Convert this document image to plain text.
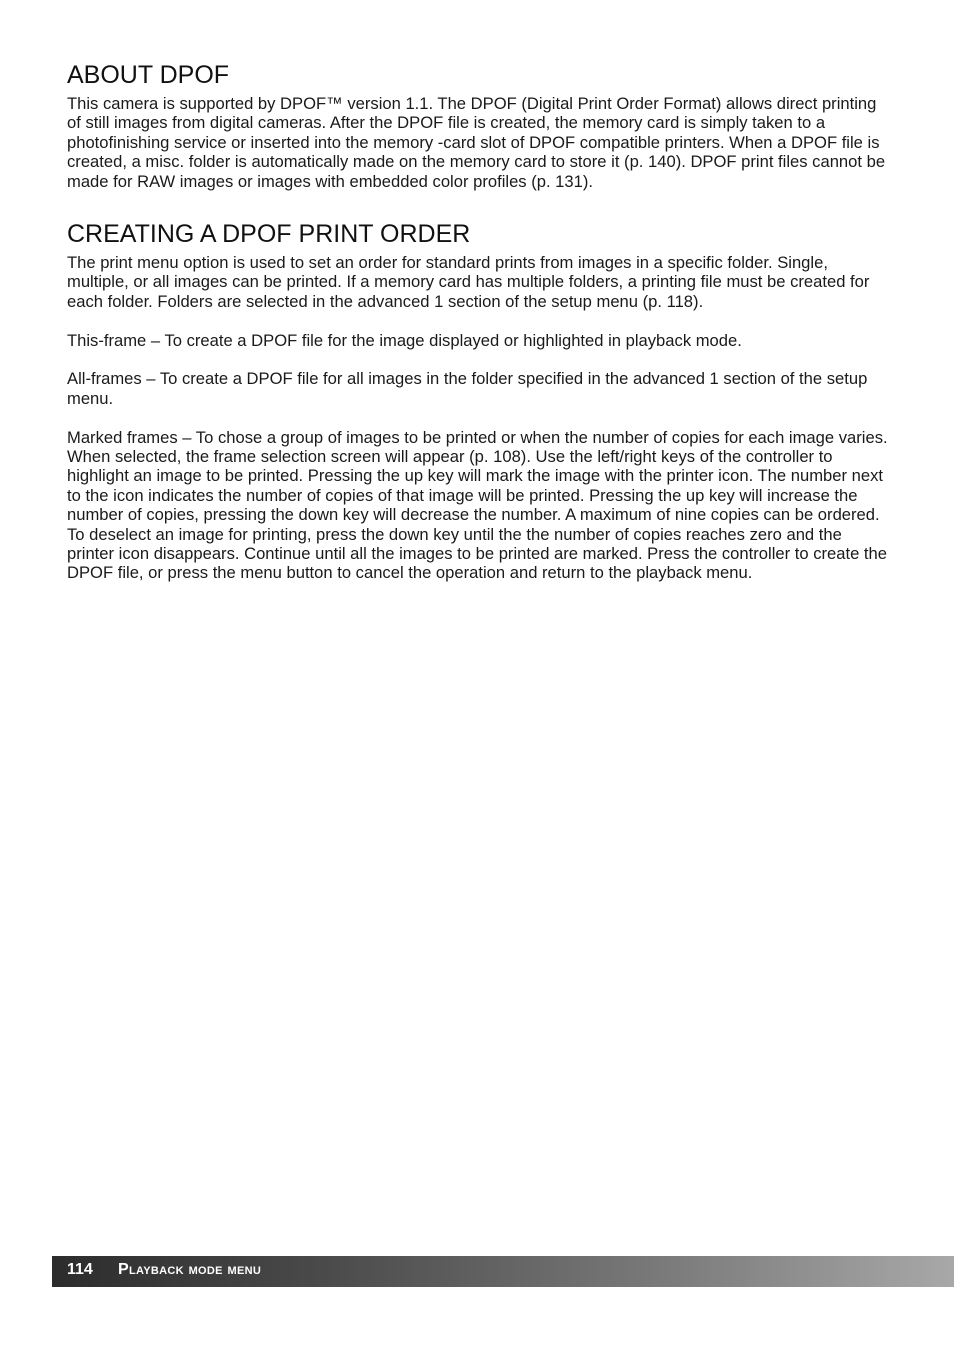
ABOUT DPOF

This camera is supported by DPOF™ version 1.1. The DPOF (Digital Print Order Format) allows direct printing of still images from digital cameras. After the DPOF file is created, the memory card is simply taken to a photofinishing service or inserted into the memory -card slot of DPOF compatible printers. When a DPOF file is created, a misc. folder is automatically made on the memory card to store it (p. 140). DPOF print files cannot be made for RAW images or images with embedded color profiles (p. 131).

CREATING A DPOF PRINT ORDER

The print menu option is used to set an order for standard prints from images in a specific folder. Single, multiple, or all images can be printed. If a memory card has multiple folders, a printing file must be created for each folder. Folders are selected in the advanced 1 section of the setup menu (p. 118).

This-frame – To create a DPOF file for the image displayed or highlighted in playback mode.

All-frames – To create a DPOF file for all images in the folder specified in the advanced 1 section of the setup menu.

Marked frames – To chose a group of images to be printed or when the number of copies for each image varies. When selected, the frame selection screen will appear (p. 108). Use the left/right keys of the controller to highlight an image to be printed. Pressing the up key will mark the image with the printer icon. The number next to the icon indicates the number of copies of that image will be printed. Pressing the up key will increase the number of copies, pressing the down key will decrease the number. A maximum of nine copies can be ordered. To deselect an image for printing, press the down key until the the number of copies reaches zero and the printer icon disappears. Continue until all the images to be printed are marked. Press the controller to create the DPOF file, or press the menu button to cancel the operation and return to the playback menu.

114 Playback mode menu
